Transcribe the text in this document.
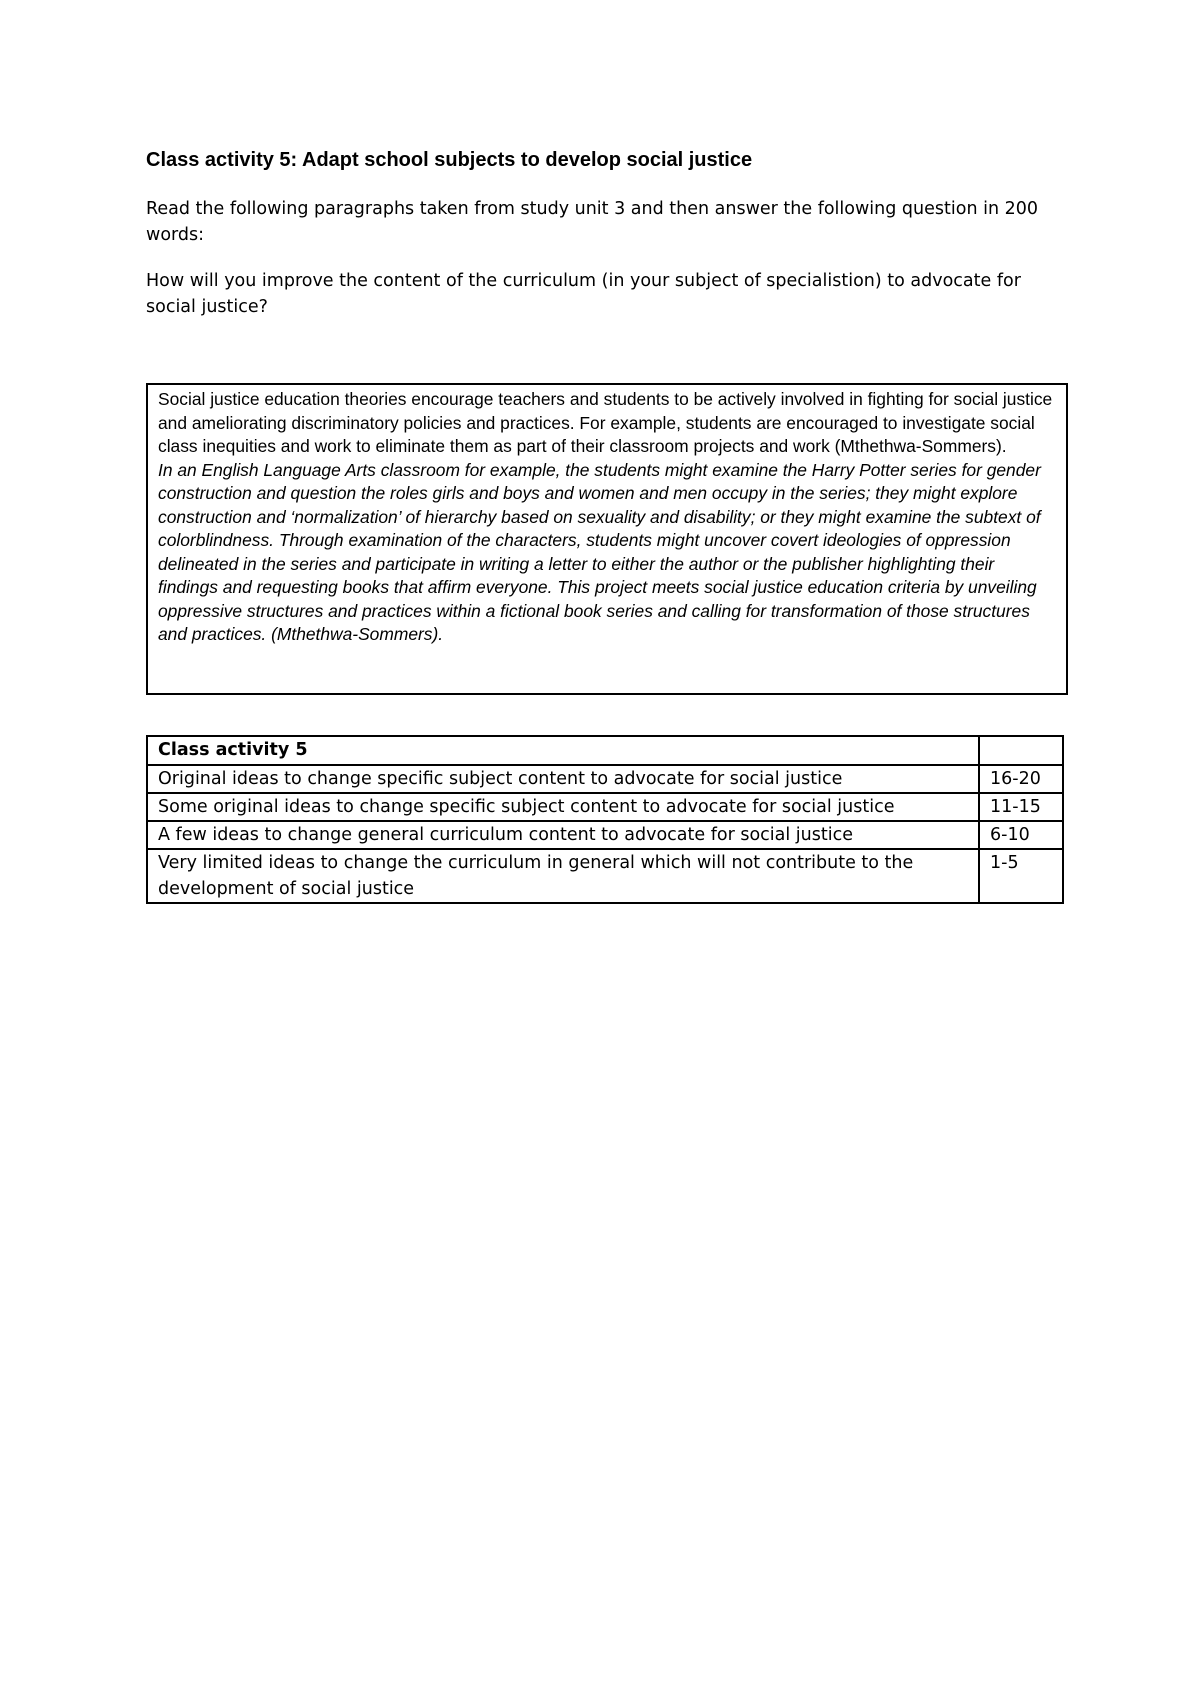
Class activity 5: Adapt school subjects to develop social justice

Read the following paragraphs taken from study unit 3 and then answer the following question in 200 words:

How will you improve the content of the curriculum (in your subject of specialistion) to advocate for social justice?

Social justice education theories encourage teachers and students to be actively involved in fighting for social justice and ameliorating discriminatory policies and practices. For example, students are encouraged to investigate social class inequities and work to eliminate them as part of their classroom projects and work (Mthethwa-Sommers).

In an English Language Arts classroom for example, the students might examine the Harry Potter series for gender construction and question the roles girls and boys and women and men occupy in the series; they might explore construction and ‘normalization’ of hierarchy based on sexuality and disability; or they might examine the subtext of colorblindness. Through examination of the characters, students might uncover covert ideologies of oppression delineated in the series and participate in writing a letter to either the author or the publisher highlighting their findings and requesting books that affirm everyone. This project meets social justice education criteria by unveiling oppressive structures and practices within a fictional book series and calling for transformation of those structures and practices. (Mthethwa-Sommers).

Class activity 5	
Original ideas to change specific subject content to advocate for social justice	16-20
Some original ideas to change specific subject content to advocate for social justice	11-15
A few ideas to change general curriculum content to advocate for social justice	6-10
Very limited ideas to change the curriculum in general which will not contribute to the development of social justice	1-5
